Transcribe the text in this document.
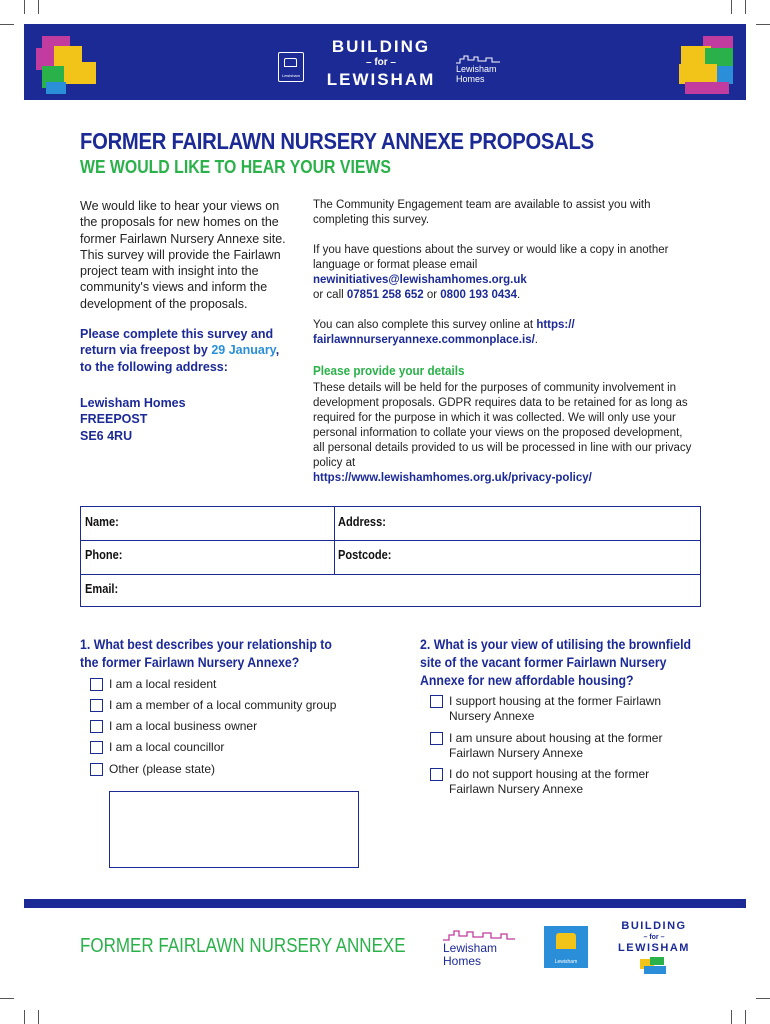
Lewisham
BUILDING
– for –
LEWISHAM
Lewisham
Homes
FORMER FAIRLAWN NURSERY ANNEXE PROPOSALS
WE WOULD LIKE TO HEAR YOUR VIEWS

We would like to hear your views on the proposals for new homes on the former Fairlawn Nursery Annexe site. This survey will provide the Fairlawn project team with insight into the community's views and inform the development of the proposals.

Please complete this survey and return via freepost by 29 January, to the following address:

Lewisham Homes
FREEPOST
SE6 4RU

The Community Engagement team are available to assist you with completing this survey.

If you have questions about the survey or would like a copy in another language or format please email
newinitiatives@lewishamhomes.org.uk
or call 07851 258 652 or 0800 193 0434.

You can also complete this survey online at https:// fairlawnnurseryannexe.commonplace.is/.

Please provide your details

These details will be held for the purposes of community involvement in development proposals. GDPR requires data to be retained for as long as required for the purpose in which it was collected. We will only use your personal information to collate your views on the proposed development, all personal details provided to us will be processed in line with our privacy policy at
https://www.lewishamhomes.org.uk/privacy-policy/

Name:	Address:
Phone:	Postcode:
Email:
1. What best describes your relationship to the former Fairlawn Nursery Annexe?
I am a local resident
I am a member of a local community group
I am a local business owner
I am a local councillor
Other (please state)
2. What is your view of utilising the brownfield site of the vacant former Fairlawn Nursery Annexe for new affordable housing?
I support housing at the former Fairlawn Nursery Annexe
I am unsure about housing at the former Fairlawn Nursery Annexe
I do not support housing at the former Fairlawn Nursery Annexe
FORMER FAIRLAWN NURSERY ANNEXE	Lewisham
Homes	Lewisham
BUILDING
– for –
LEWISHAM
